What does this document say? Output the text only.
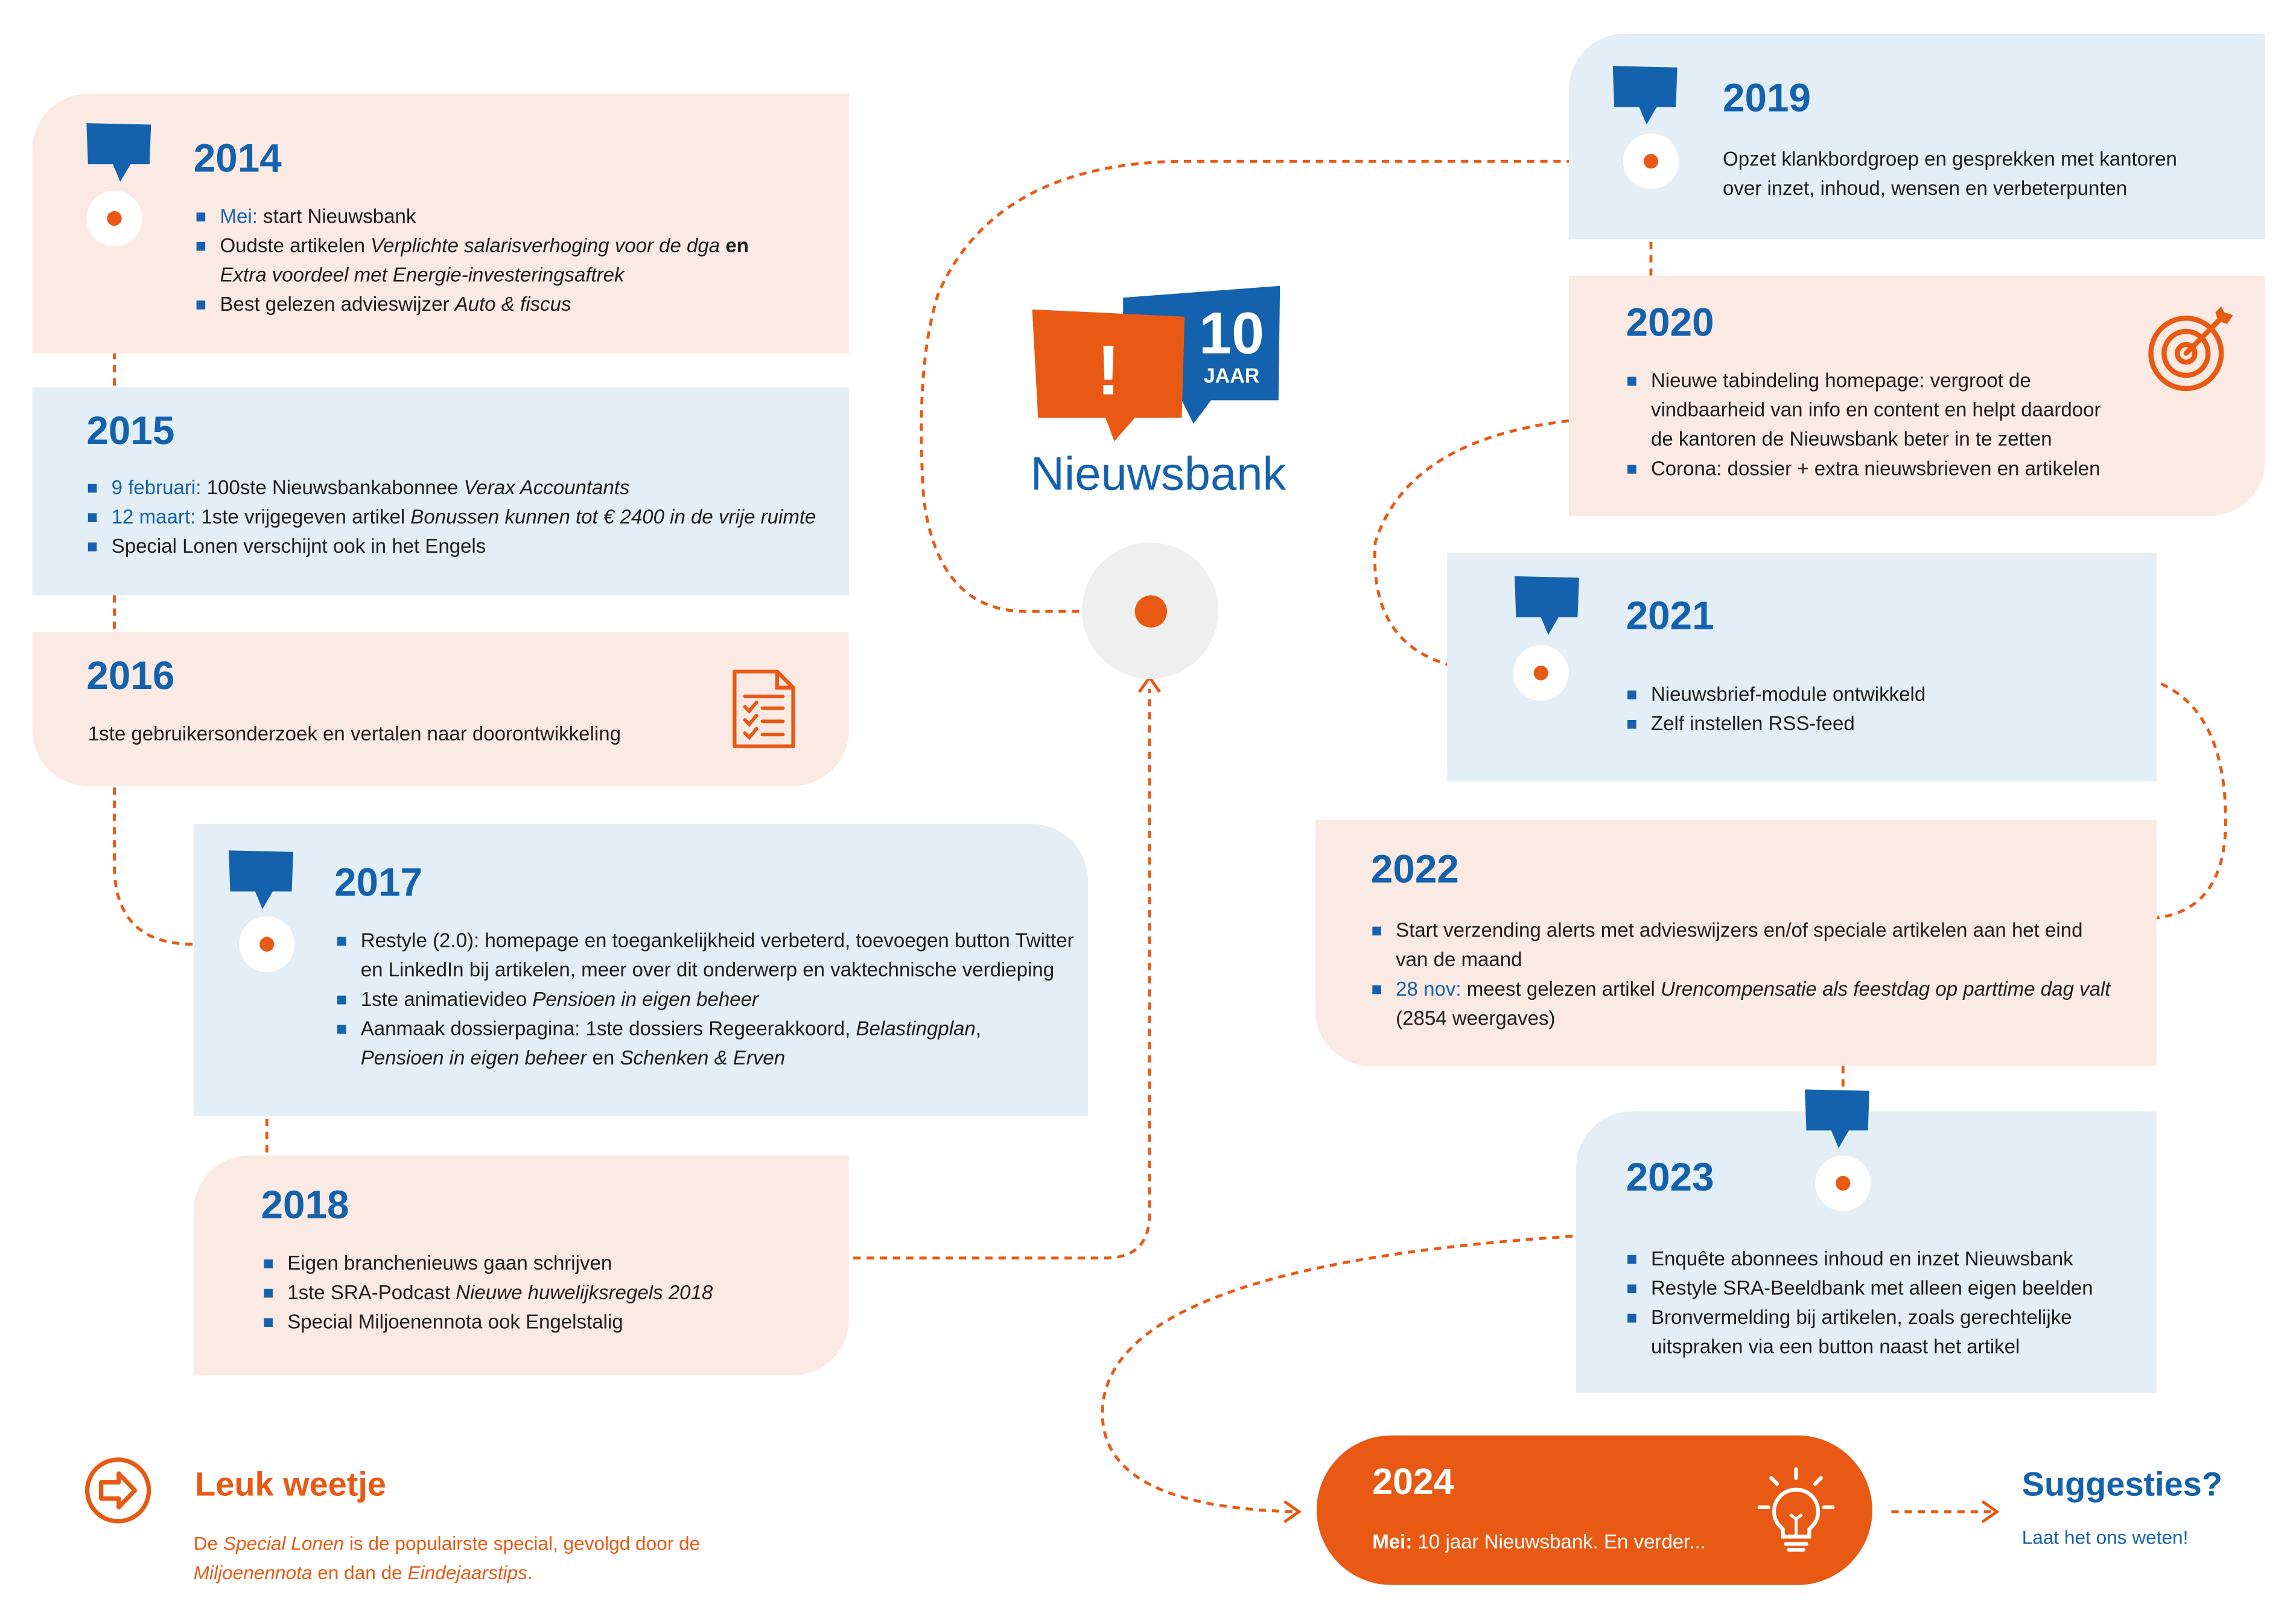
2014
2015
2016
2017
2018
2019
2020
2021
2022
2023
2024
Mei: start Nieuwsbank
Oudste artikelen Verplichte salarisverhoging voor de dga en
Extra voordeel met Energie-investeringsaftrek
Best gelezen advieswijzer Auto & fiscus
9 februari: 100ste Nieuwsbankabonnee Verax Accountants
12 maart: 1ste vrijgegeven artikel Bonussen kunnen tot € 2400 in de vrije ruimte
Special Lonen verschijnt ook in het Engels
1ste gebruikersonderzoek en vertalen naar doorontwikkeling
Restyle (2.0): homepage en toegankelijkheid verbeterd, toevoegen button Twitter
en LinkedIn bij artikelen, meer over dit onderwerp en vaktechnische verdieping
1ste animatievideo Pensioen in eigen beheer
Aanmaak dossierpagina: 1ste dossiers Regeerakkoord, Belastingplan,
Pensioen in eigen beheer en Schenken & Erven
Eigen branchenieuws gaan schrijven
1ste SRA-Podcast Nieuwe huwelijksregels 2018
Special Miljoenennota ook Engelstalig
Opzet klankbordgroep en gesprekken met kantoren
over inzet, inhoud, wensen en verbeterpunten
Nieuwe tabindeling homepage: vergroot de
vindbaarheid van info en content en helpt daardoor
de kantoren de Nieuwsbank beter in te zetten
Corona: dossier + extra nieuwsbrieven en artikelen
Nieuwsbrief-module ontwikkeld
Zelf instellen RSS-feed
Start verzending alerts met advieswijzers en/of speciale artikelen aan het eind
van de maand
28 nov: meest gelezen artikel Urencompensatie als feestdag op parttime dag valt
(2854 weergaves)
Enquête abonnees inhoud en inzet Nieuwsbank
Restyle SRA-Beeldbank met alleen eigen beelden
Bronvermelding bij artikelen, zoals gerechtelijke
uitspraken via een button naast het artikel
Mei: 10 jaar Nieuwsbank. En verder...
!	10
JAAR
Nieuwsbank
Leuk weetje
De Special Lonen is de populairste special, gevolgd door de
Miljoenennota en dan de Eindejaarstips.
Suggesties?
Laat het ons weten!
